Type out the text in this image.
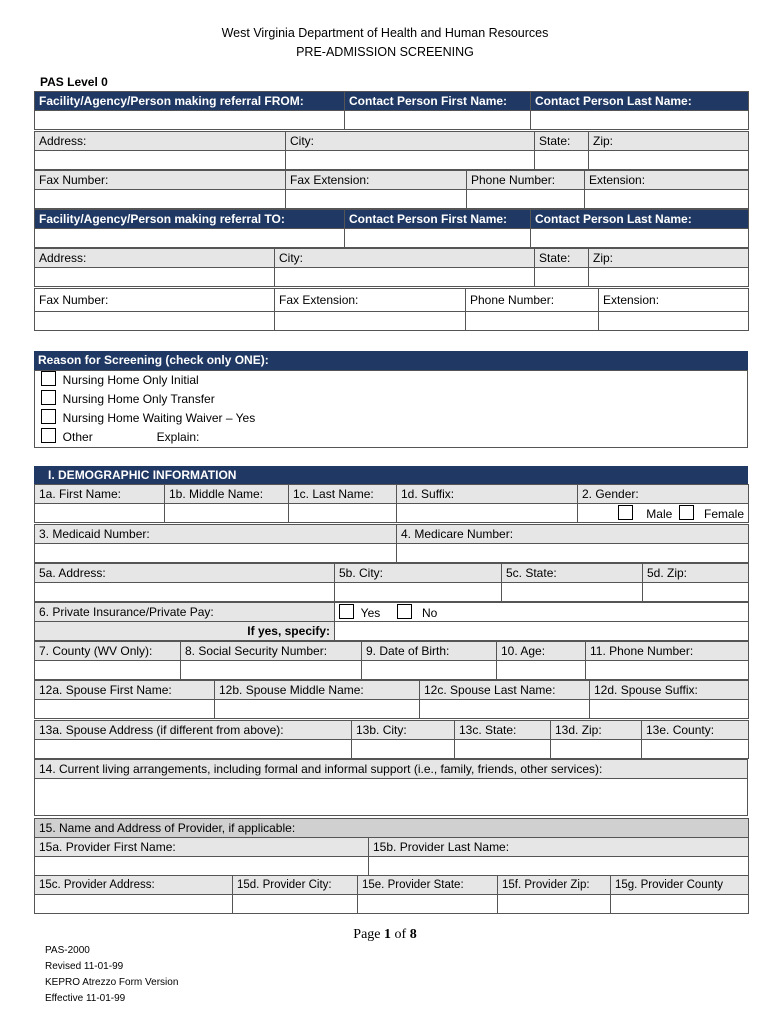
West Virginia Department of Health and Human Resources
PRE-ADMISSION SCREENING
PAS Level 0
Facility/Agency/Person making referral FROM:	Contact Person First Name:	Contact Person Last Name:

Address:	City:	State:	Zip:

Fax Number:	Fax Extension:	Phone Number:	Extension:

Facility/Agency/Person making referral TO:	Contact Person First Name:	Contact Person Last Name:

Address:	City:	State:	Zip:

Fax Number:	Fax Extension:	Phone Number:	Extension:

Reason for Screening (check only ONE):
Nursing Home Only Initial
Nursing Home Only Transfer
Nursing Home Waiting Waiver – Yes
Other	Explain:
I. DEMOGRAPHIC INFORMATION
1a. First Name:	1b. Middle Name:	1c. Last Name:	1d. Suffix:	2. Gender:
				Male Female
3. Medicaid Number:	4. Medicare Number:

5a. Address:	5b. City:	5c. State:	5d. Zip:

6. Private Insurance/Private Pay:	Yes No
If yes, specify:	
7. County (WV Only):	8. Social Security Number:	9. Date of Birth:	10. Age:	11. Phone Number:

12a. Spouse First Name:	12b. Spouse Middle Name:	12c. Spouse Last Name:	12d. Spouse Suffix:

13a. Spouse Address (if different from above):	13b. City:	13c. State:	13d. Zip:	13e. County:

14. Current living arrangements, including formal and informal support (i.e., family, friends, other services):

15. Name and Address of Provider, if applicable:	
15a. Provider First Name:	15b. Provider Last Name:

15c. Provider Address:	15d. Provider City:	15e. Provider State:	15f. Provider Zip:	15g. Provider County

Page 1 of 8
PAS-2000
Revised 11-01-99
KEPRO Atrezzo Form Version
Effective 11-01-99
